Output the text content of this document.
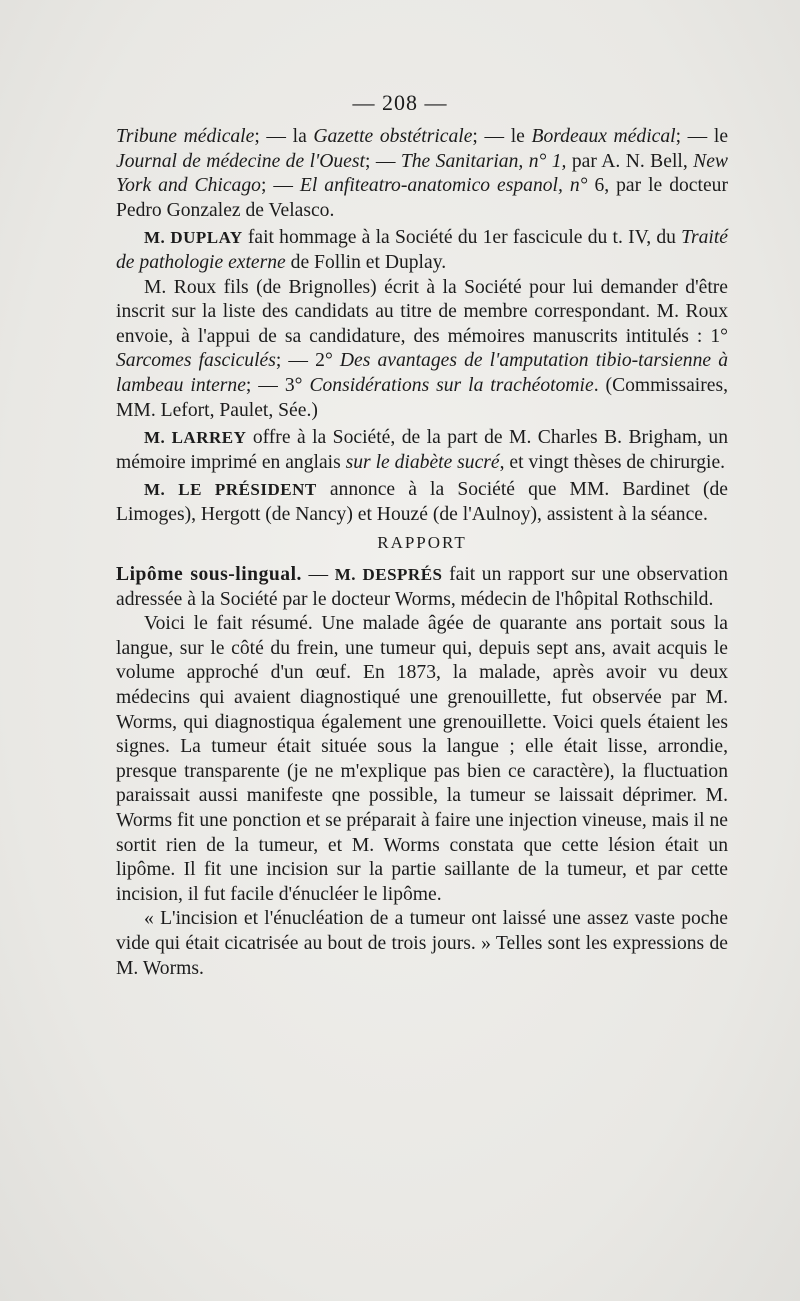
— 208 —

Tribune médicale; — la Gazette obstétricale; — le Bordeaux médical; — le Journal de médecine de l'Ouest; — The Sanitarian, n° 1, par A. N. Bell, New York and Chicago; — El anfiteatro-anatomico espanol, n° 6, par le docteur Pedro Gonzalez de Velasco.

M. DUPLAY fait hommage à la Société du 1er fascicule du t. IV, du Traité de pathologie externe de Follin et Duplay.

M. Roux fils (de Brignolles) écrit à la Société pour lui demander d'être inscrit sur la liste des candidats au titre de membre correspondant. M. Roux envoie, à l'appui de sa candidature, des mémoires manuscrits intitulés : 1° Sarcomes fasciculés; — 2° Des avantages de l'amputation tibio-tarsienne à lambeau interne; — 3° Considérations sur la trachéotomie. (Commissaires, MM. Lefort, Paulet, Sée.)

M. LARREY offre à la Société, de la part de M. Charles B. Brigham, un mémoire imprimé en anglais sur le diabète sucré, et vingt thèses de chirurgie.

M. LE PRÉSIDENT annonce à la Société que MM. Bardinet (de Limoges), Hergott (de Nancy) et Houzé (de l'Aulnoy), assistent à la séance.

RAPPORT

Lipôme sous-lingual. — M. DESPRÉS fait un rapport sur une observation adressée à la Société par le docteur Worms, médecin de l'hôpital Rothschild.

Voici le fait résumé. Une malade âgée de quarante ans portait sous la langue, sur le côté du frein, une tumeur qui, depuis sept ans, avait acquis le volume approché d'un œuf. En 1873, la malade, après avoir vu deux médecins qui avaient diagnostiqué une grenouillette, fut observée par M. Worms, qui diagnostiqua également une grenouillette. Voici quels étaient les signes. La tumeur était située sous la langue ; elle était lisse, arrondie, presque transparente (je ne m'explique pas bien ce caractère), la fluctuation paraissait aussi manifeste qne possible, la tumeur se laissait déprimer. M. Worms fit une ponction et se préparait à faire une injection vineuse, mais il ne sortit rien de la tumeur, et M. Worms constata que cette lésion était un lipôme. Il fit une incision sur la partie saillante de la tumeur, et par cette incision, il fut facile d'énucléer le lipôme.

« L'incision et l'énucléation de a tumeur ont laissé une assez vaste poche vide qui était cicatrisée au bout de trois jours. » Telles sont les expressions de M. Worms.
